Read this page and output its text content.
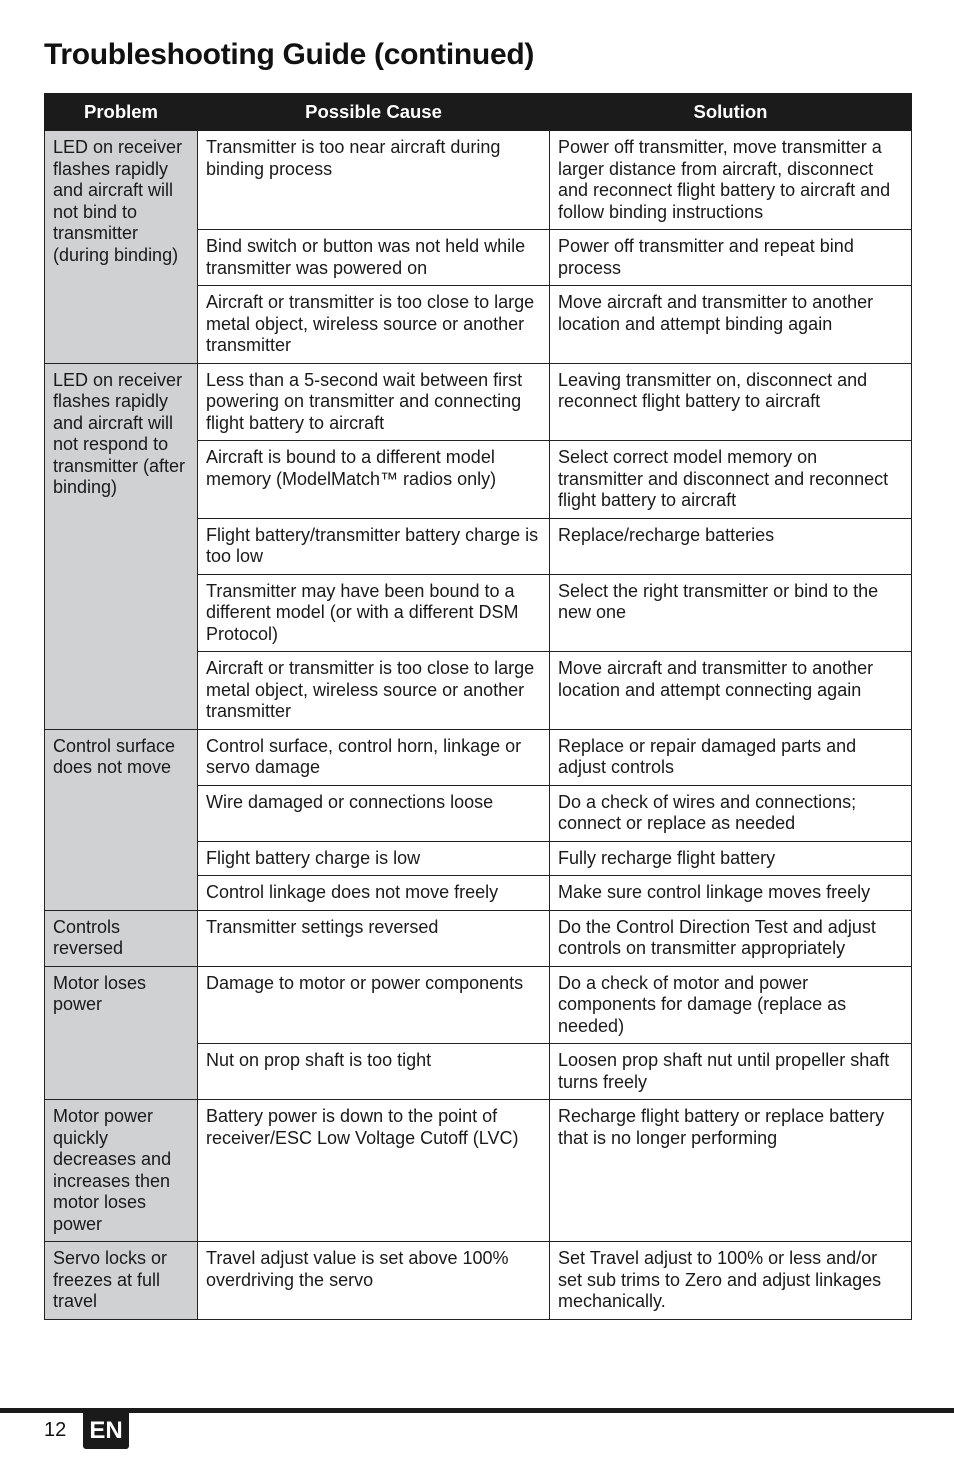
Troubleshooting Guide (continued)
Problem	Possible Cause	Solution
LED on receiver flashes rapidly and aircraft will not bind to transmitter (during binding)	Transmitter is too near aircraft during binding process	Power off transmitter, move transmitter a larger distance from aircraft, disconnect and reconnect flight battery to aircraft and follow binding instructions
	Bind switch or button was not held while transmitter was powered on	Power off transmitter and repeat bind process
	Aircraft or transmitter is too close to large metal object, wireless source or another transmitter	Move aircraft and transmitter to another location and attempt binding again
LED on receiver flashes rapidly and aircraft will not respond to transmitter (after binding)	Less than a 5-second wait between first powering on transmitter and connecting flight battery to aircraft	Leaving transmitter on, disconnect and reconnect flight battery to aircraft
	Aircraft is bound to a different model memory (ModelMatch™ radios only)	Select correct model memory on transmitter and disconnect and reconnect flight battery to aircraft
	Flight battery/transmitter battery charge is too low	Replace/recharge batteries
	Transmitter may have been bound to a different model (or with a different DSM Protocol)	Select the right transmitter or bind to the new one
	Aircraft or transmitter is too close to large metal object, wireless source or another transmitter	Move aircraft and transmitter to another location and attempt connecting again
Control surface does not move	Control surface, control horn, linkage or servo damage	Replace or repair damaged parts and adjust controls
	Wire damaged or connections loose	Do a check of wires and connections; connect or replace as needed
	Flight battery charge is low	Fully recharge flight battery
	Control linkage does not move freely	Make sure control linkage moves freely
Controls reversed	Transmitter settings reversed	Do the Control Direction Test and adjust controls on transmitter appropriately
Motor loses power	Damage to motor or power components	Do a check of motor and power components for damage (replace as needed)
	Nut on prop shaft is too tight	Loosen prop shaft nut until propeller shaft turns freely
Motor power quickly decreases and increases then motor loses power	Battery power is down to the point of receiver/ESC Low Voltage Cutoff (LVC)	Recharge flight battery or replace battery that is no longer performing
Servo locks or freezes at full travel	Travel adjust value is set above 100% overdriving the servo	Set Travel adjust to 100% or less and/or set sub trims to Zero and adjust linkages mechanically.
12 EN
